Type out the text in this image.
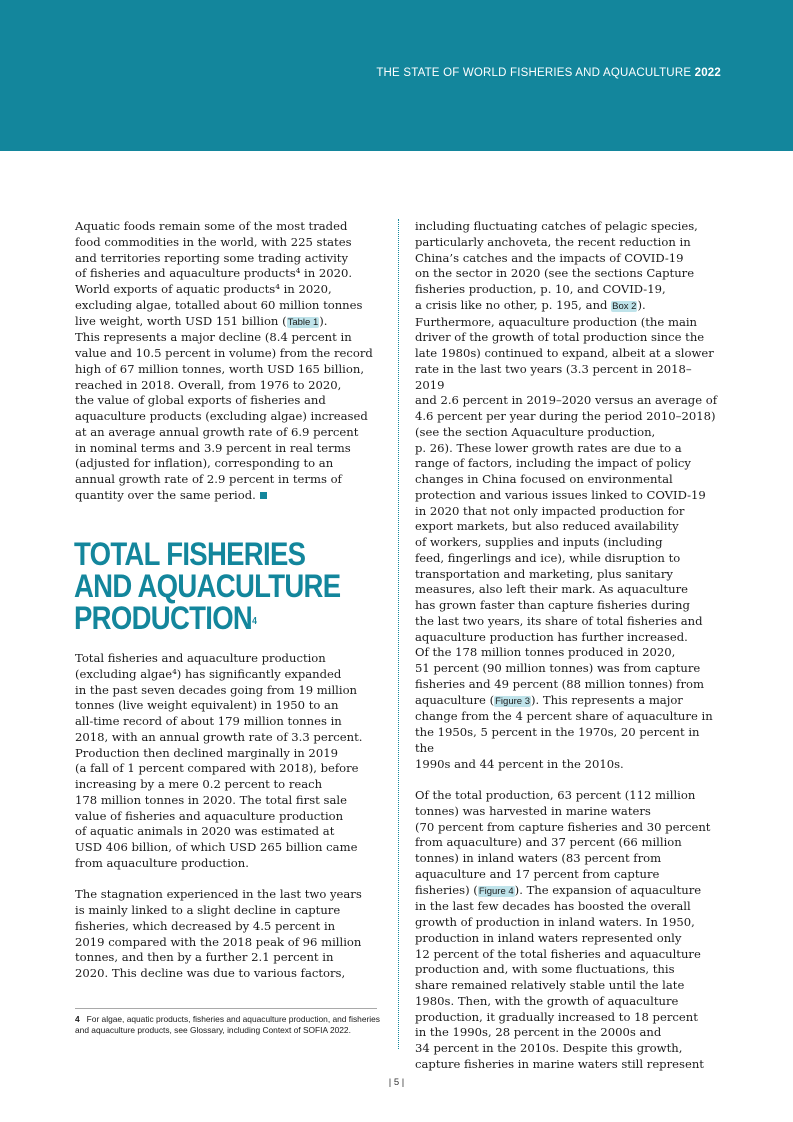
THE STATE OF WORLD FISHERIES AND AQUACULTURE 2022

Aquatic foods remain some of the most traded
food commodities in the world, with 225 states
and territories reporting some trading activity
of fisheries and aquaculture products⁴ in 2020.
World exports of aquatic products⁴ in 2020,
excluding algae, totalled about 60 million tonnes
live weight, worth USD 151 billion (Table 1).
This represents a major decline (8.4 percent in
value and 10.5 percent in volume) from the record
high of 67 million tonnes, worth USD 165 billion,
reached in 2018. Overall, from 1976 to 2020,
the value of global exports of fisheries and
aquaculture products (excluding algae) increased
at an average annual growth rate of 6.9 percent
in nominal terms and 3.9 percent in real terms
(adjusted for inflation), corresponding to an
annual growth rate of 2.9 percent in terms of
quantity over the same period.

TOTAL FISHERIES
AND AQUACULTURE
PRODUCTION$^4$

Total fisheries and aquaculture production
(excluding algae⁴) has significantly expanded
in the past seven decades going from 19 million
tonnes (live weight equivalent) in 1950 to an
all-time record of about 179 million tonnes in
2018, with an annual growth rate of 3.3 percent.
Production then declined marginally in 2019
(a fall of 1 percent compared with 2018), before
increasing by a mere 0.2 percent to reach
178 million tonnes in 2020. The total first sale
value of fisheries and aquaculture production
of aquatic animals in 2020 was estimated at
USD 406 billion, of which USD 265 billion came
from aquaculture production.

The stagnation experienced in the last two years
is mainly linked to a slight decline in capture
fisheries, which decreased by 4.5 percent in
2019 compared with the 2018 peak of 96 million
tonnes, and then by a further 2.1 percent in
2020. This decline was due to various factors,

including fluctuating catches of pelagic species,
particularly anchoveta, the recent reduction in
China’s catches and the impacts of COVID-19
on the sector in 2020 (see the sections Capture
fisheries production, p. 10, and COVID-19,
a crisis like no other, p. 195, and Box 2).
Furthermore, aquaculture production (the main
driver of the growth of total production since the
late 1980s) continued to expand, albeit at a slower
rate in the last two years (3.3 percent in 2018–2019
and 2.6 percent in 2019–2020 versus an average of
4.6 percent per year during the period 2010–2018)
(see the section Aquaculture production,
p. 26). These lower growth rates are due to a
range of factors, including the impact of policy
changes in China focused on environmental
protection and various issues linked to COVID-19
in 2020 that not only impacted production for
export markets, but also reduced availability
of workers, supplies and inputs (including
feed, fingerlings and ice), while disruption to
transportation and marketing, plus sanitary
measures, also left their mark. As aquaculture
has grown faster than capture fisheries during
the last two years, its share of total fisheries and
aquaculture production has further increased.
Of the 178 million tonnes produced in 2020,
51 percent (90 million tonnes) was from capture
fisheries and 49 percent (88 million tonnes) from
aquaculture (Figure 3). This represents a major
change from the 4 percent share of aquaculture in
the 1950s, 5 percent in the 1970s, 20 percent in the
1990s and 44 percent in the 2010s.

Of the total production, 63 percent (112 million
tonnes) was harvested in marine waters
(70 percent from capture fisheries and 30 percent
from aquaculture) and 37 percent (66 million
tonnes) in inland waters (83 percent from
aquaculture and 17 percent from capture
fisheries) (Figure 4). The expansion of aquaculture
in the last few decades has boosted the overall
growth of production in inland waters. In 1950,
production in inland waters represented only
12 percent of the total fisheries and aquaculture
production and, with some fluctuations, this
share remained relatively stable until the late
1980s. Then, with the growth of aquaculture
production, it gradually increased to 18 percent
in the 1990s, 28 percent in the 2000s and
34 percent in the 2010s. Despite this growth,
capture fisheries in marine waters still represent

4 For algae, aquatic products, fisheries and aquaculture production, and fisheries and aquaculture products, see Glossary, including Context of SOFIA 2022.
| 5 |
